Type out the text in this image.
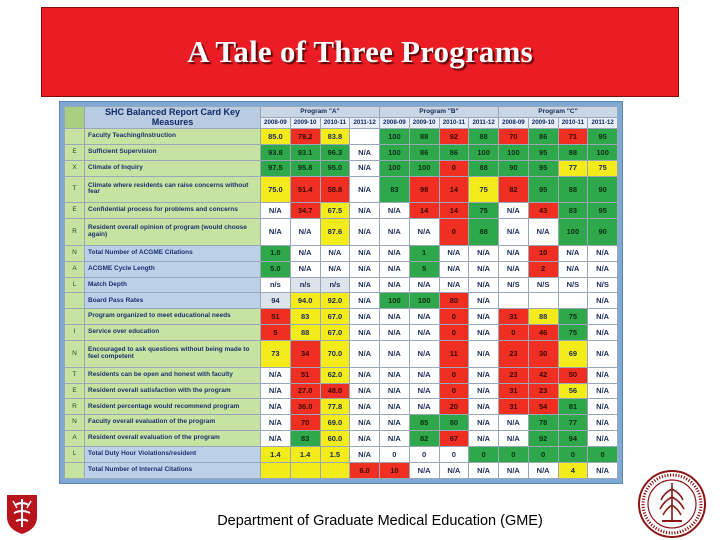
A Tale of Three Programs
	SHC Balanced Report Card Key Measures	Program "A"				Program "B"				Program "C"			
		2008-09	2009-10	2010-11	2011-12	2008-09	2009-10	2010-11	2011-12	2008-09	2009-10	2010-11	2011-12
	Faculty Teaching/Instruction	85.0	79.2	83.8		100	88	92	88	70	86	71	95
E	Sufficient Supervision	93.8	93.1	96.3	N/A	100	86	86	100	100	95	88	100
X	Climate of Inquiry	97.5	95.8	95.0	N/A	100	100	0	88	90	95	77	75
T	Climate where residents can raise concerns without fear	75.0	51.4	58.8	N/A	83	98	14	75	82	95	88	90
E	Confidential process for problems and concerns	N/A	34.7	67.5	N/A	N/A	14	14	75	N/A	43	83	95
R	Resident overall opinion of program (would choose again)	N/A	N/A	87.6	N/A	N/A	N/A	0	88	N/A	N/A	100	90
N	Total Number of ACGME Citations	1.0	N/A	N/A	N/A	N/A	1	N/A	N/A	N/A	10	N/A	N/A
A	ACGME Cycle Length	5.0	N/A	N/A	N/A	N/A	5	N/A	N/A	N/A	2	N/A	N/A
L	Match Depth	n/s	n/s	n/s	N/A	N/A	N/A	N/A	N/A	N/S	N/S	N/S	N/S
	Board Pass Rates	94	94.0	92.0	N/A	100	100	80	N/A				N/A
	Program organized to meet educational needs	51	83	67.0	N/A	N/A	N/A	0	N/A	31	88	75	N/A
I	Service over education	5	88	67.0	N/A	N/A	N/A	0	N/A	0	46	75	N/A
N	Encouraged to ask questions without being made to feel competent	73	34	70.0	N/A	N/A	N/A	11	N/A	23	30	69	N/A
T	Residents can be open and honest with faculty	N/A	51	62.0	N/A	N/A	N/A	0	N/A	23	42	50	N/A
E	Resident overall satisfaction with the program	N/A	27.0	48.0	N/A	N/A	N/A	0	N/A	31	23	56	N/A
R	Resident percentage would recommend program	N/A	36.0	77.8	N/A	N/A	N/A	20	N/A	31	54	81	N/A
N	Faculty overall evaluation of the program	N/A	70	69.0	N/A	N/A	85	80	N/A	N/A	78	77	N/A
A	Resident overall evaluation of the program	N/A	83	60.0	N/A	N/A	82	67	N/A	N/A	92	94	N/A
L	Total Duty Hour Violations/resident	1.4	1.4	1.5	N/A	0	0	0	0	0	0	0	0
	Total Number of Internal Citations				6.0	10	N/A	N/A	N/A	N/A	N/A	4	N/A
Department of Graduate Medical Education (GME)
